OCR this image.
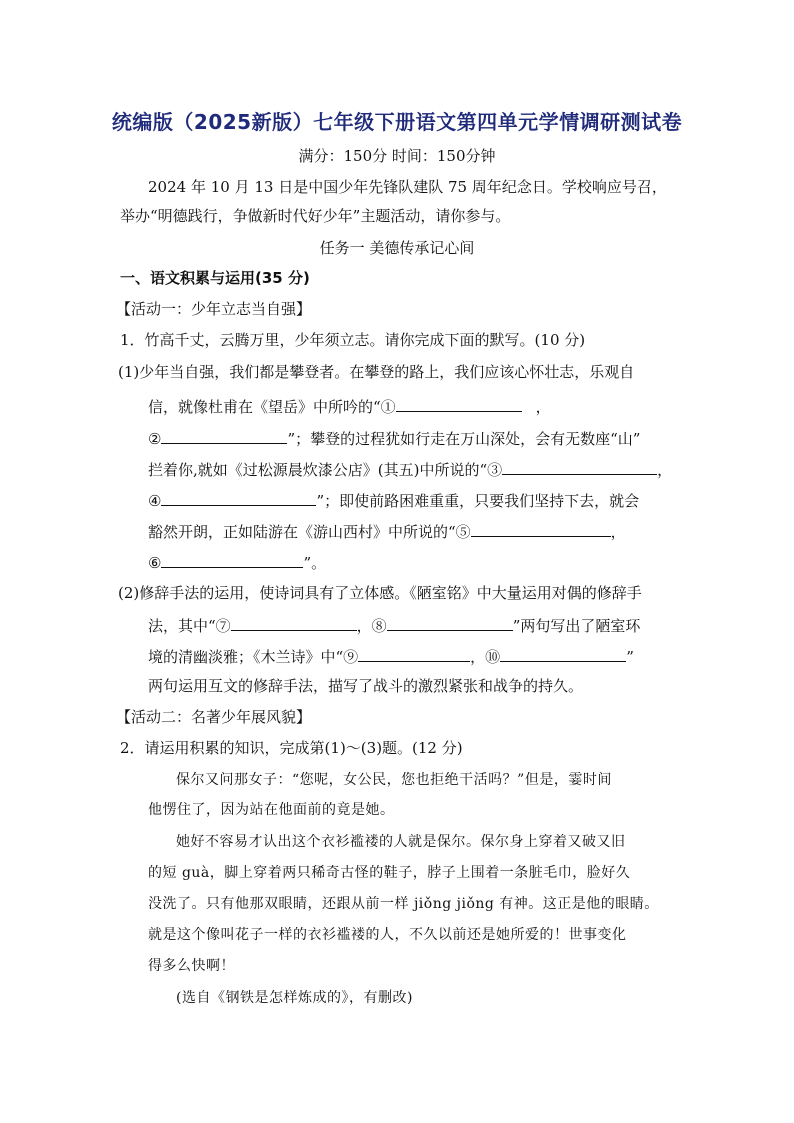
统编版（2025新版）七年级下册语文第四单元学情调研测试卷
满分：150分 时间：150分钟
2024 年 10 月 13 日是中国少年先锋队建队 75 周年纪念日。学校响应号召，
举办“明德践行，争做新时代好少年”主题活动，请你参与。
任务一 美德传承记心间
一、语文积累与运用(35 分)
【活动一：少年立志当自强】
1．竹高千丈，云腾万里，少年须立志。请你完成下面的默写。(10 分)
(1)少年当自强，我们都是攀登者。在攀登的路上，我们应该心怀壮志，乐观自
信，就像杜甫在《望岳》中所吟的“①	，
②	”；攀登的过程犹如行走在万山深处，会有无数座“山”
拦着你,就如《过松源晨炊漆公店》(其五)中所说的“③	，
④	”；即使前路困难重重，只要我们坚持下去，就会
豁然开朗，正如陆游在《游山西村》中所说的“⑤	，
⑥	”。
(2)修辞手法的运用，使诗词具有了立体感。《陋室铭》中大量运用对偶的修辞手
法，其中“⑦	，⑧	”两句写出了陋室环
境的清幽淡雅；《木兰诗》中“⑨	，⑩	”
两句运用互文的修辞手法，描写了战斗的激烈紧张和战争的持久。
【活动二：名著少年展风貌】
2．请运用积累的知识，完成第(1)～(3)题。(12 分)
保尔又问那女子：“您呢，女公民，您也拒绝干活吗？”但是，霎时间
他愣住了，因为站在他面前的竟是她。
她好不容易才认出这个衣衫褴褛的人就是保尔。保尔身上穿着又破又旧
的短 guà，脚上穿着两只稀奇古怪的鞋子，脖子上围着一条脏毛巾，脸好久
没洗了。只有他那双眼睛，还跟从前一样 jiǒng jiǒng 有神。这正是他的眼睛。
就是这个像叫花子一样的衣衫褴褛的人，不久以前还是她所爱的！世事变化
得多么快啊！
(选自《钢铁是怎样炼成的》，有删改)
